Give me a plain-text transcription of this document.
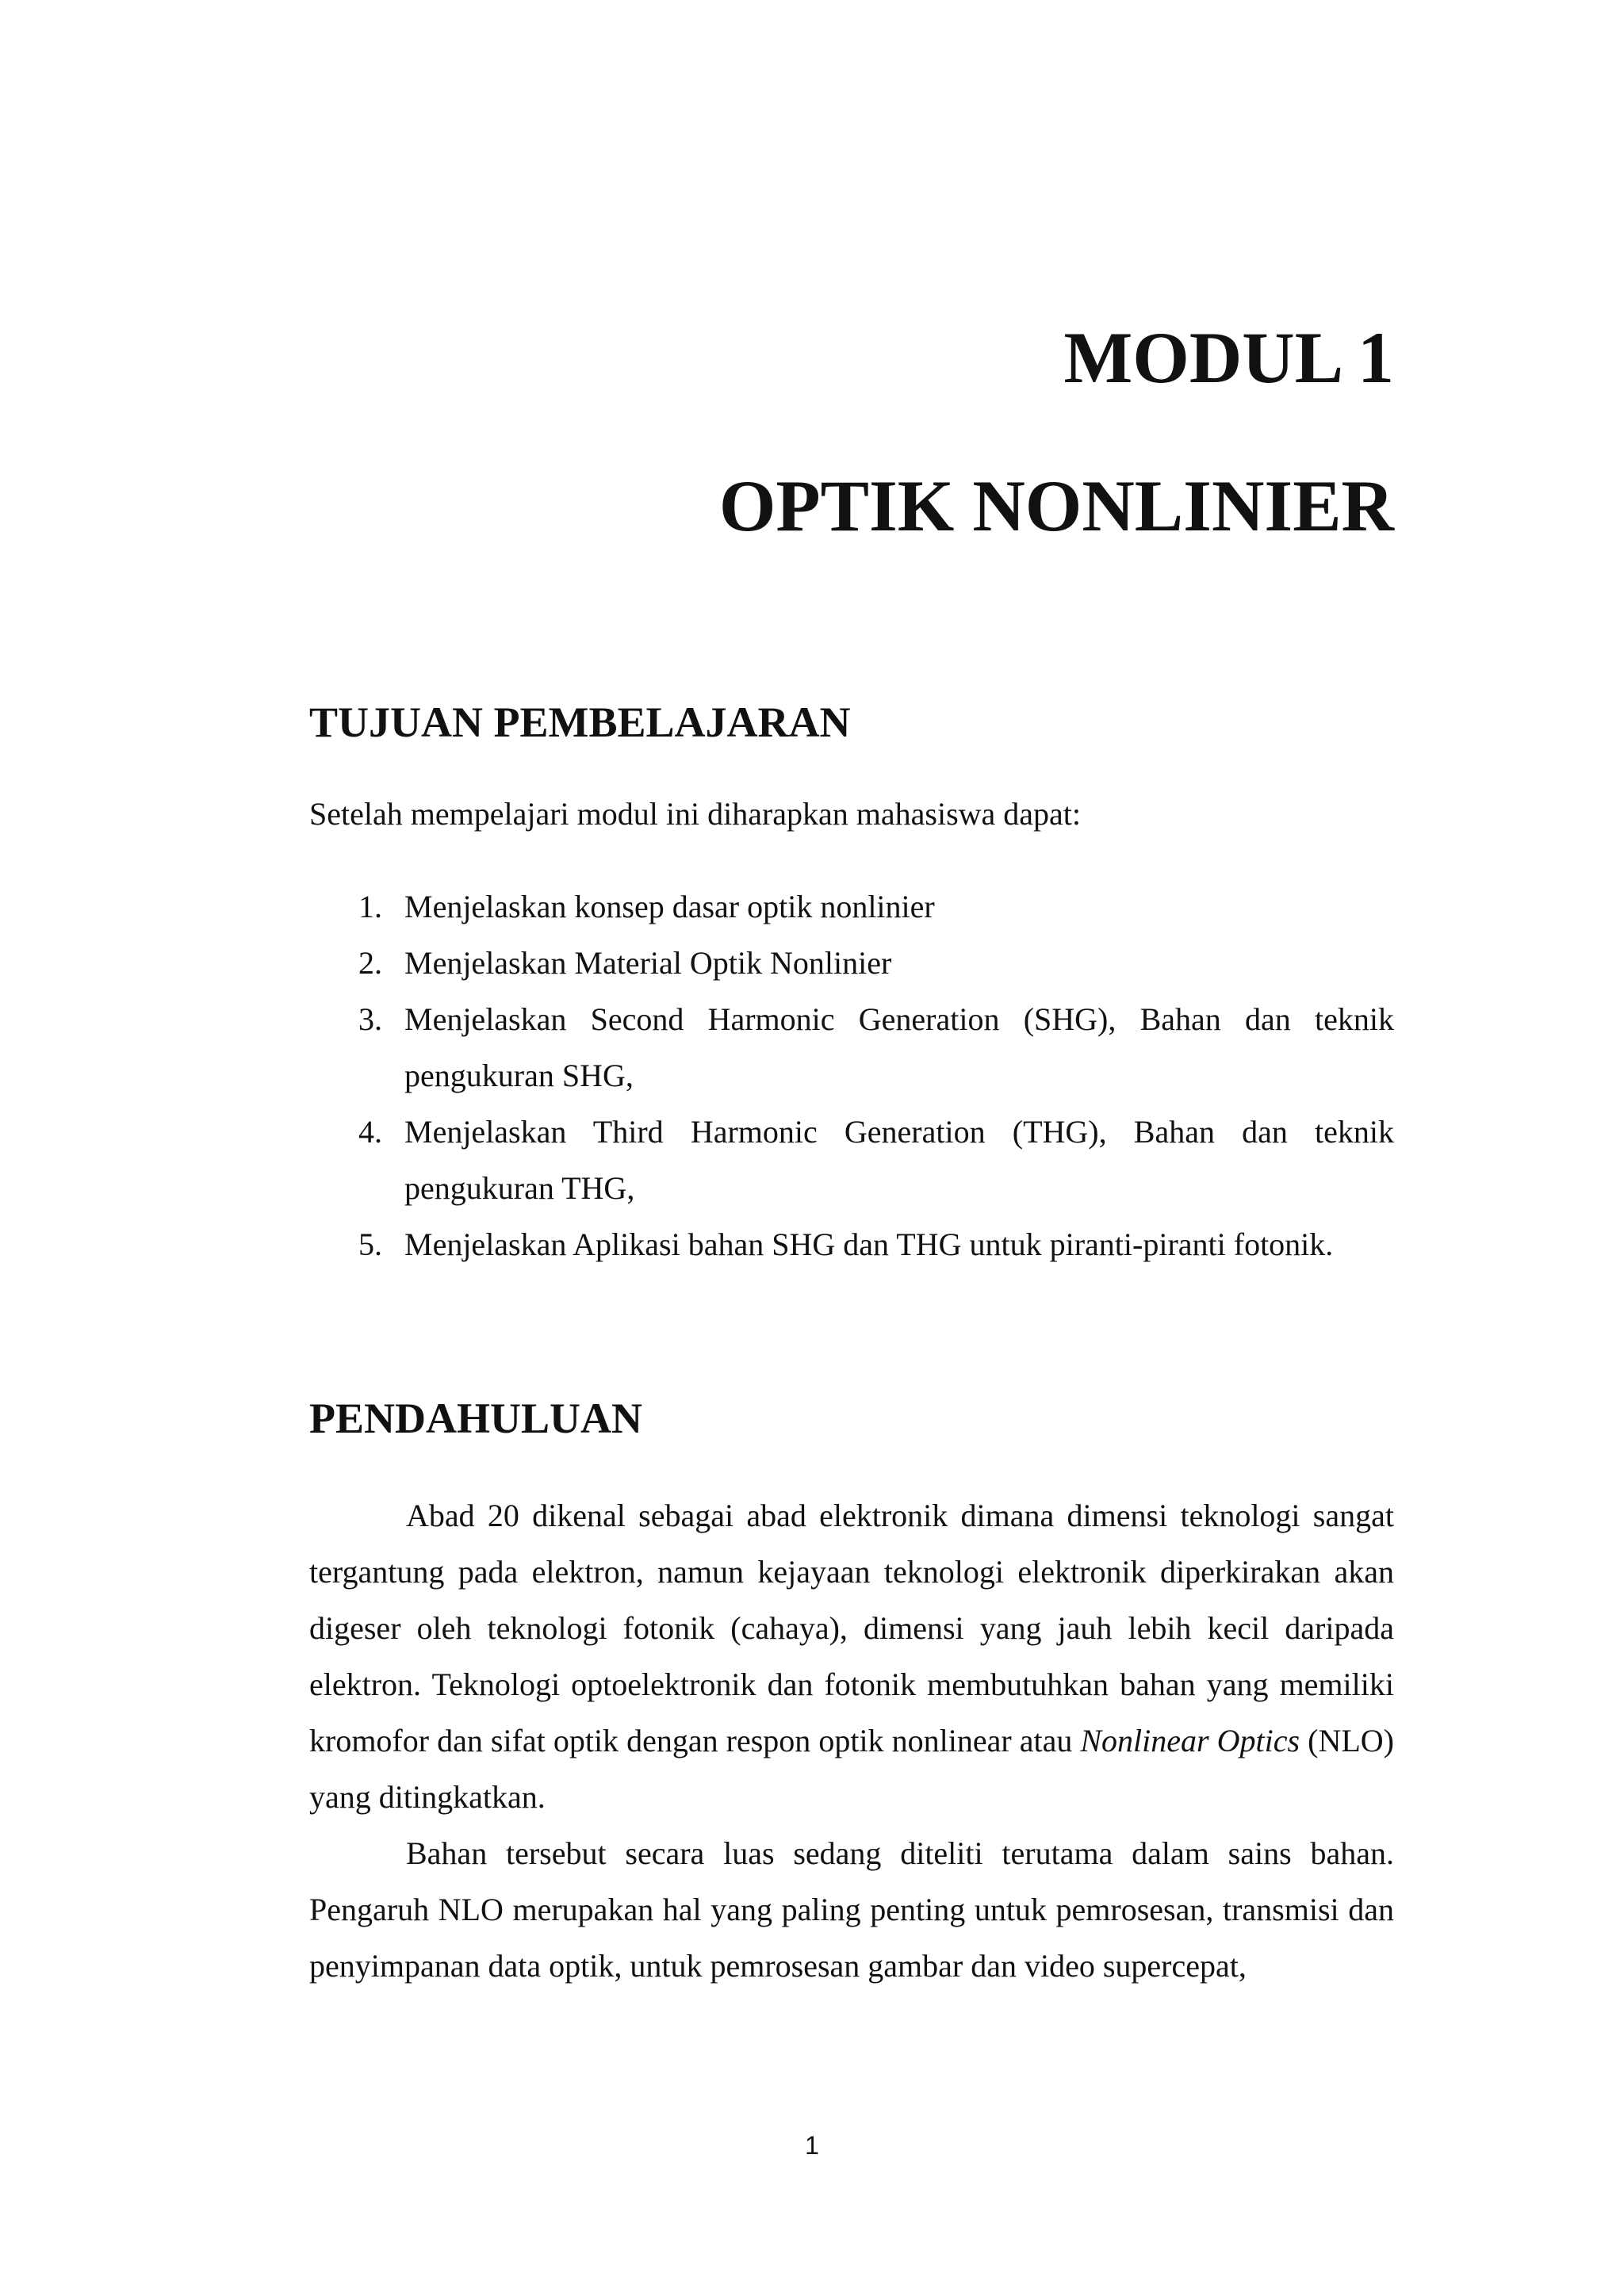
MODUL 1
OPTIK NONLINIER
TUJUAN PEMBELAJARAN

Setelah mempelajari modul ini diharapkan mahasiswa dapat:

1. Menjelaskan konsep dasar optik nonlinier
2. Menjelaskan Material Optik Nonlinier
3. Menjelaskan Second Harmonic Generation (SHG), Bahan dan teknik pengukuran SHG,
4. Menjelaskan Third Harmonic Generation (THG), Bahan dan teknik pengukuran THG,
5. Menjelaskan Aplikasi bahan SHG dan THG untuk piranti-piranti fotonik.
PENDAHULUAN

Abad 20 dikenal sebagai abad elektronik dimana dimensi teknologi sangat tergantung pada elektron, namun kejayaan teknologi elektronik diperkirakan akan digeser oleh teknologi fotonik (cahaya), dimensi yang jauh lebih kecil daripada elektron. Teknologi optoelektronik dan fotonik membutuhkan bahan yang memiliki kromofor dan sifat optik dengan respon optik nonlinear atau Nonlinear Optics (NLO) yang ditingkatkan.

Bahan tersebut secara luas sedang diteliti terutama dalam sains bahan. Pengaruh NLO merupakan hal yang paling penting untuk pemrosesan, transmisi dan penyimpanan data optik, untuk pemrosesan gambar dan video supercepat,

1
